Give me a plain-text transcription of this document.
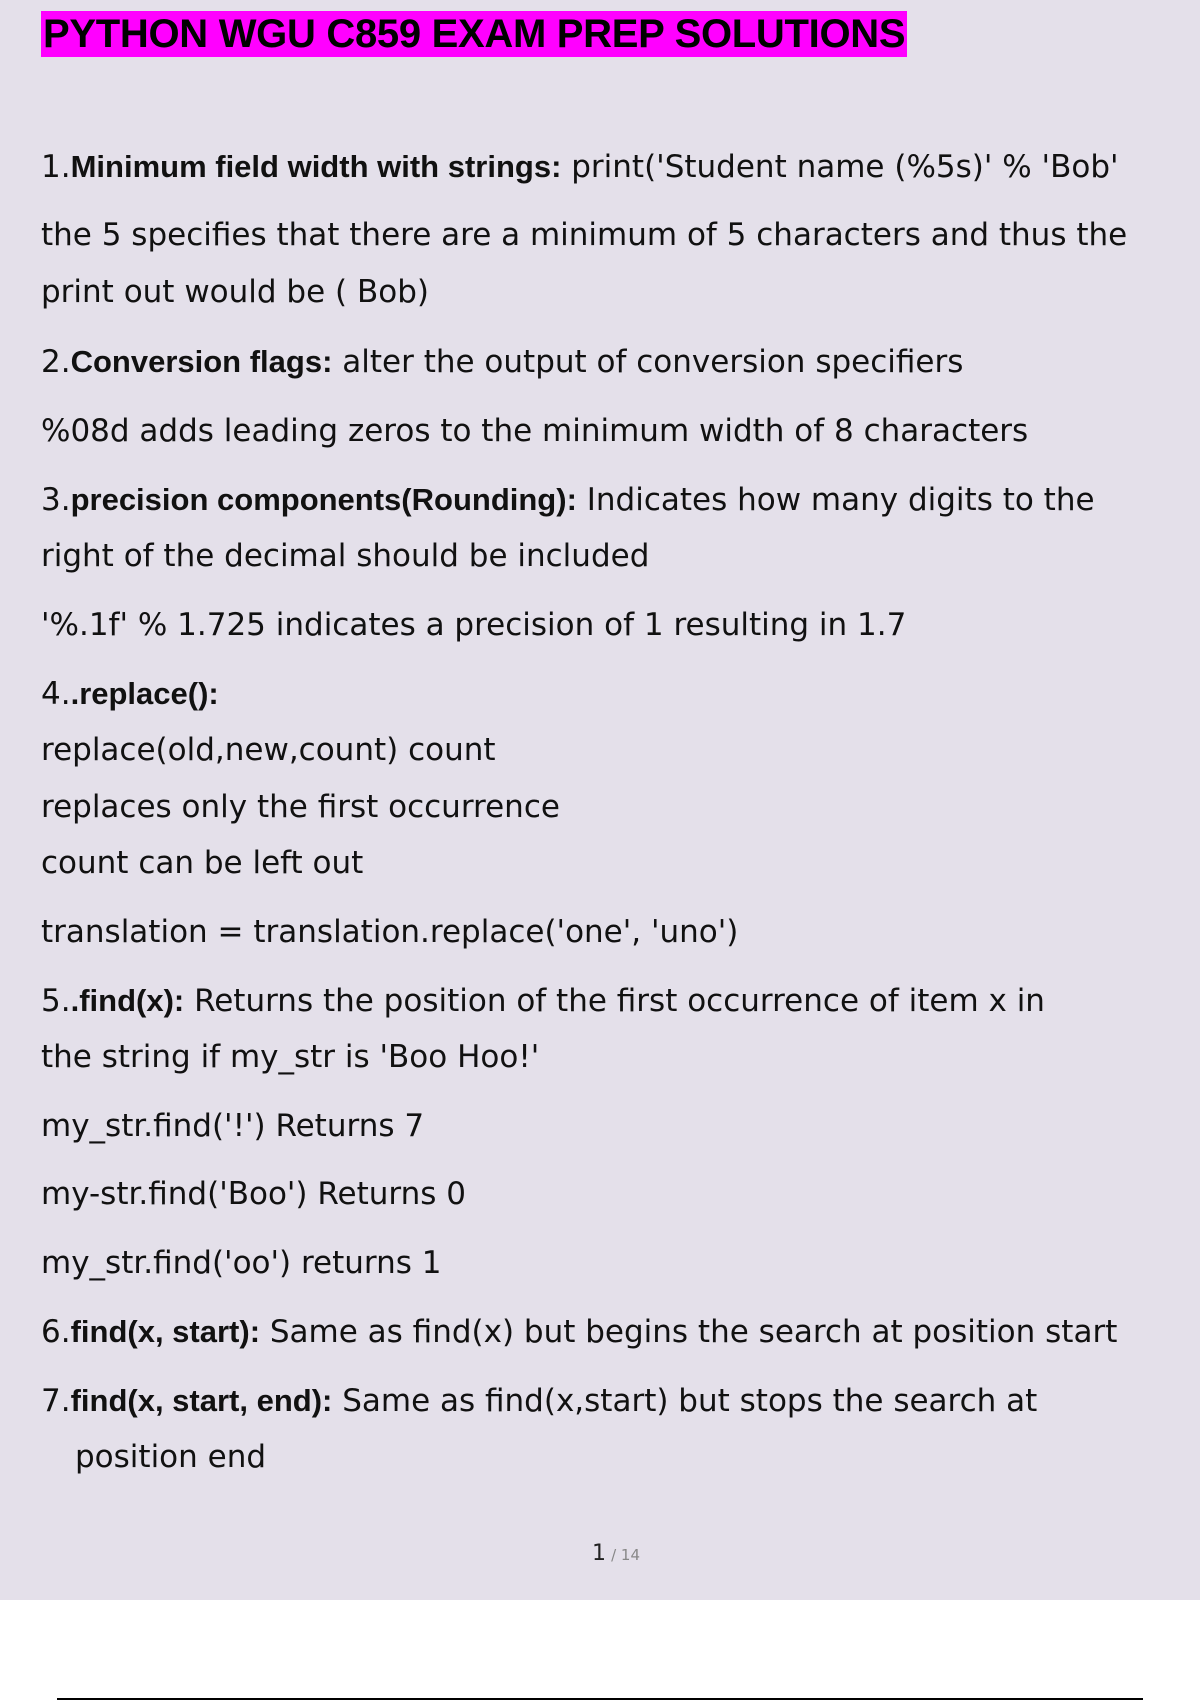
PYTHON WGU C859 EXAM PREP SOLUTIONS

1.Minimum field width with strings: print('Student name (%5s)' % 'Bob'

the 5 specifies that there are a minimum of 5 characters and thus the

print out would be ( Bob)

2.Conversion flags: alter the output of conversion specifiers

%08d adds leading zeros to the minimum width of 8 characters

3.precision components(Rounding): Indicates how many digits to the

right of the decimal should be included

'%.1f' % 1.725 indicates a precision of 1 resulting in 1.7

4..replace():

replace(old,new,count) count

replaces only the first occurrence

count can be left out

translation = translation.replace('one', 'uno')

5..find(x): Returns the position of the first occurrence of item x in

the string if my_str is 'Boo Hoo!'

my_str.find('!') Returns 7

my-str.find('Boo') Returns 0

my_str.find('oo') returns 1

6.find(x, start): Same as find(x) but begins the search at position start

7.find(x, start, end): Same as find(x,start) but stops the search at

position end

1 / 14
